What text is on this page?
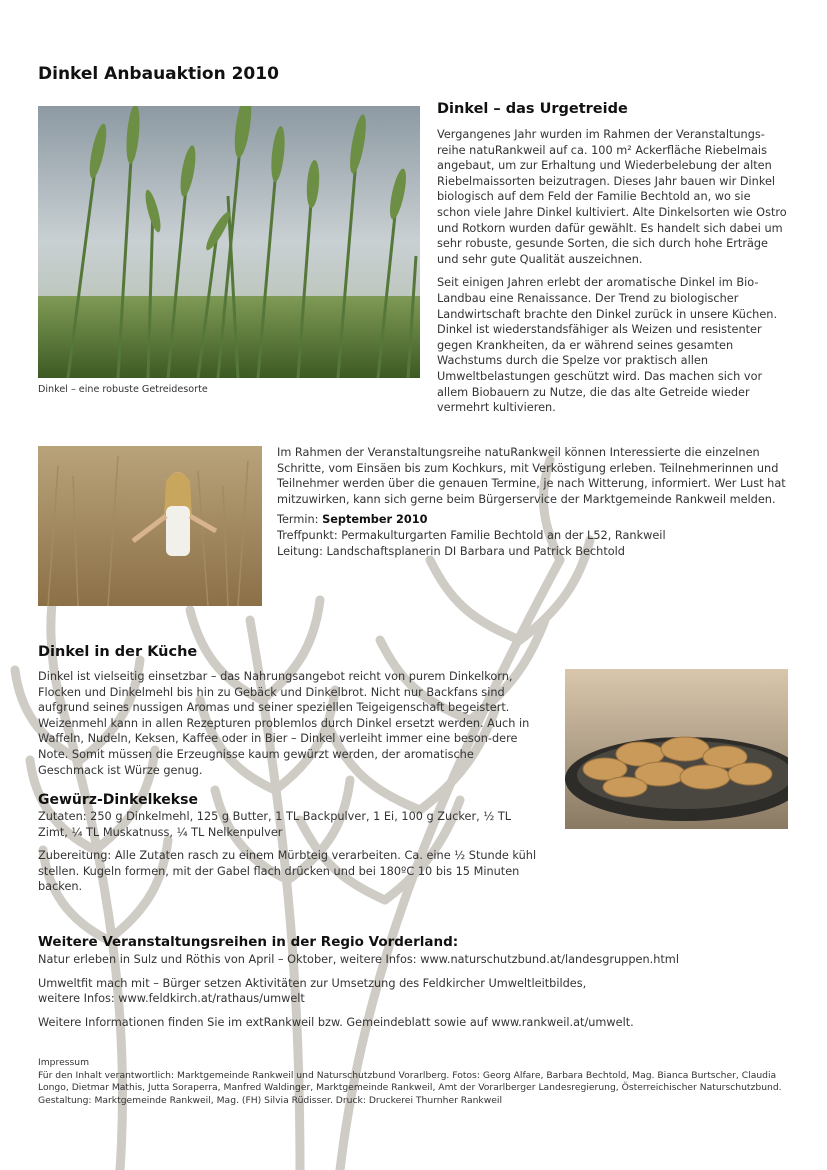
Dinkel Anbauaktion 2010
Dinkel – eine robuste Getreidesorte
Dinkel – das Urgetreide

Vergangenes Jahr wurden im Rahmen der Veranstaltungs-reihe natuRankweil auf ca. 100 m² Ackerfläche Riebelmais angebaut, um zur Erhaltung und Wiederbelebung der alten Riebelmaissorten beizutragen. Dieses Jahr bauen wir Dinkel biologisch auf dem Feld der Familie Bechtold an, wo sie schon viele Jahre Dinkel kultiviert. Alte Dinkelsorten wie Ostro und Rotkorn wurden dafür gewählt. Es handelt sich dabei um sehr robuste, gesunde Sorten, die sich durch hohe Erträge und sehr gute Qualität auszeichnen.

Seit einigen Jahren erlebt der aromatische Dinkel im Bio-Landbau eine Renaissance. Der Trend zu biologischer Landwirtschaft brachte den Dinkel zurück in unsere Küchen. Dinkel ist wiederstandsfähiger als Weizen und resistenter gegen Krankheiten, da er während seines gesamten Wachstums durch die Spelze vor praktisch allen Umweltbelastungen geschützt wird. Das machen sich vor allem Biobauern zu Nutze, die das alte Getreide wieder vermehrt kultivieren.

Im Rahmen der Veranstaltungsreihe natuRankweil können Interessierte die einzelnen Schritte, vom Einsäen bis zum Kochkurs, mit Verköstigung erleben. Teilnehmerinnen und Teilnehmer werden über die genauen Termine, je nach Witterung, informiert. Wer Lust hat mitzuwirken, kann sich gerne beim Bürgerservice der Marktgemeinde Rankweil melden.

Termin: September 2010
Treffpunkt: Permakulturgarten Familie Bechtold an der L52, Rankweil
Leitung: Landschaftsplanerin DI Barbara und Patrick Bechtold
Dinkel in der Küche

Dinkel ist vielseitig einsetzbar – das Nahrungsangebot reicht von purem Dinkelkorn, Flocken und Dinkelmehl bis hin zu Gebäck und Dinkelbrot. Nicht nur Backfans sind aufgrund seines nussigen Aromas und seiner speziellen Teigeigenschaft begeistert. Weizenmehl kann in allen Rezepturen problemlos durch Dinkel ersetzt werden. Auch in Waffeln, Nudeln, Keksen, Kaffee oder in Bier – Dinkel verleiht immer eine beson-dere Note. Somit müssen die Erzeugnisse kaum gewürzt werden, der aromatische Geschmack ist Würze genug.

Gewürz-Dinkelkekse

Zutaten: 250 g Dinkelmehl, 125 g Butter, 1 TL Backpulver, 1 Ei, 100 g Zucker, ½ TL Zimt, ¼ TL Muskatnuss, ¼ TL Nelkenpulver

Zubereitung: Alle Zutaten rasch zu einem Mürbteig verarbeiten. Ca. eine ½ Stunde kühl stellen. Kugeln formen, mit der Gabel flach drücken und bei 180ºC 10 bis 15 Minuten backen.

Weitere Veranstaltungsreihen in der Regio Vorderland:
Natur erleben in Sulz und Röthis von April – Oktober, weitere Infos: www.naturschutzbund.at/landesgruppen.html
Umweltfit mach mit – Bürger setzen Aktivitäten zur Umsetzung des Feldkircher Umweltleitbildes,
weitere Infos: www.feldkirch.at/rathaus/umwelt
Weitere Informationen finden Sie im extRankweil bzw. Gemeindeblatt sowie auf www.rankweil.at/umwelt.
Impressum
Für den Inhalt verantwortlich: Marktgemeinde Rankweil und Naturschutzbund Vorarlberg. Fotos: Georg Alfare, Barbara Bechtold, Mag. Bianca Burtscher, Claudia Longo, Dietmar Mathis, Jutta Soraperra, Manfred Waldinger, Marktgemeinde Rankweil, Amt der Vorarlberger Landesregierung, Österreichischer Naturschutzbund. Gestaltung: Marktgemeinde Rankweil, Mag. (FH) Silvia Rüdisser. Druck: Druckerei Thurnher Rankweil
